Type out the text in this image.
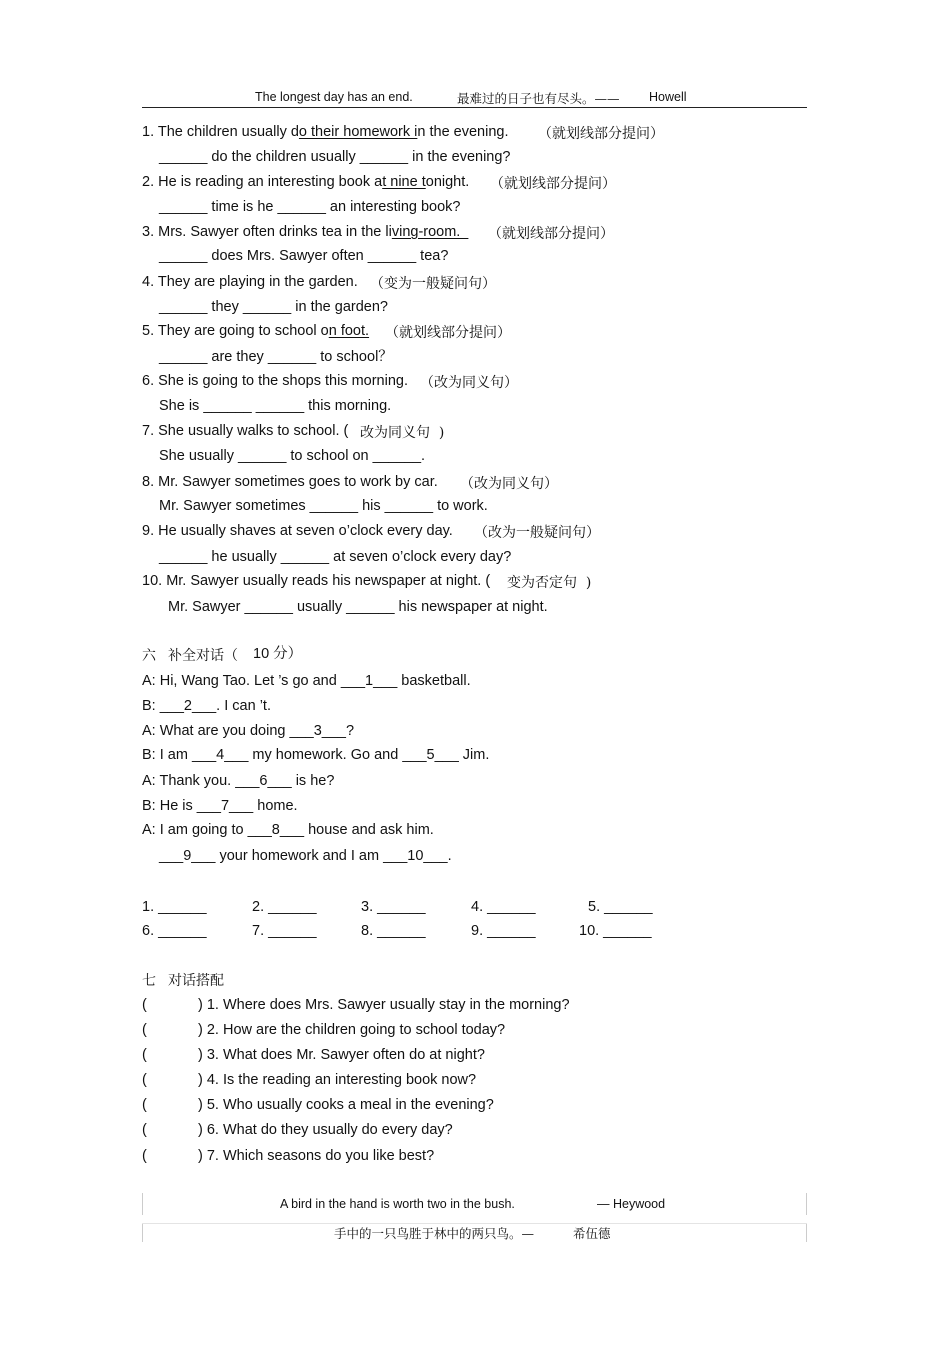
The longest day has an end.	最难过的日子也有尽头。—— Howell
1. The children usually do their homework in the evening. （就划线部分提问）
______ do the children usually ______ in the evening?
2. He is reading an interesting book at nine tonight. （就划线部分提问）
______ time is he ______ an interesting book?
3. Mrs. Sawyer often drinks tea in the living-room. （就划线部分提问）
______ does Mrs. Sawyer often ______ tea?
4. They are playing in the garden. （变为一般疑问句）
______ they ______ in the garden?
5. They are going to school on foot. （就划线部分提问）
______ are they ______ to school？
6. She is going to the shops this morning. （改为同义句）
She is ______ ______ this morning.
7. She usually walks to school. ( 改为同义句  )
She usually ______ to school on ______.
8. Mr. Sawyer sometimes goes to work by car. （改为同义句）
Mr. Sawyer sometimes ______ his ______ to work.
9. He usually shaves at seven o’clock every day. （改为一般疑问句）
______ he usually ______ at seven o’clock every day?
10. Mr. Sawyer usually reads his newspaper at night. ( 变为否定句  )
Mr. Sawyer ______ usually ______ his newspaper at night.
六 补全对话（ 10 分）
A: Hi, Wang Tao. Let ’s go and ___1___ basketball.
B: ___2___. I can ’t.
A: What are you doing ___3___?
B: I am ___4___ my homework. Go and ___5___ Jim.
A: Thank you. ___6___ is he?
B: He is ___7___ home.
A: I am going to ___8___ house and ask him.
___9___ your homework and I am ___10___.
1. ______	2. ______	3. ______	4. ______	5. ______
6. ______	7. ______	8. ______	9. ______	10. ______
七 对话搭配
(	) 1. Where does Mrs. Sawyer usually stay in the morning?
(	) 2. How are the children going to school today?
(	) 3. What does Mr. Sawyer often do at night?
(	) 4. Is the reading an interesting book now?
(	) 5. Who usually cooks a meal in the evening?
(	) 6. What do they usually do every day?
(	) 7. Which seasons do you like best?
A bird in the hand is worth two in the bush.	— Heywood
手中的一只鸟胜于林中的两只鸟。—	希伍德
